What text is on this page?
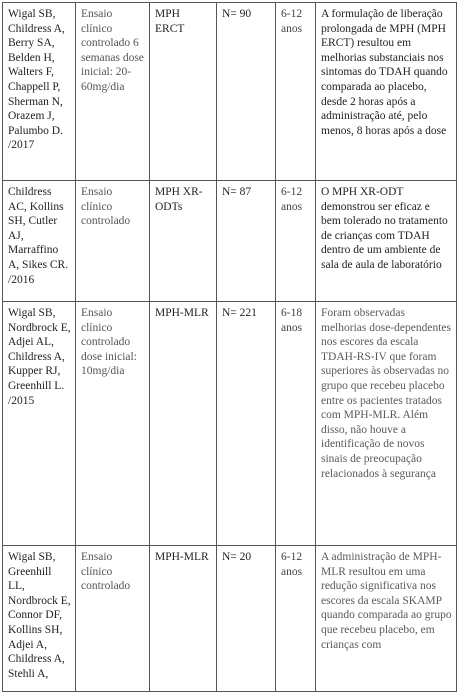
Wigal SB, Childress A, Berry SA, Belden H, Walters F, Chappell P, Sherman N, Orazem J, Palumbo D. /2017	Ensaio clínico controlado 6 semanas dose inicial: 20-60mg/dia	MPH ERCT	N= 90	6-12 anos	A formulação de liberação prolongada de MPH (MPH ERCT) resultou em melhorias substanciais nos sintomas do TDAH quando comparada ao placebo, desde 2 horas após a administração até, pelo menos, 8 horas após a dose
Childress AC, Kollins SH, Cutler AJ, Marraffino A, Sikes CR. /2016	Ensaio clínico controlado	MPH XR-ODTs	N= 87	6-12 anos	O MPH XR-ODT demonstrou ser eficaz e bem tolerado no tratamento de crianças com TDAH dentro de um ambiente de sala de aula de laboratório
Wigal SB, Nordbrock E, Adjei AL, Childress A, Kupper RJ, Greenhill L. /2015	Ensaio clínico controlado dose inicial: 10mg/dia	MPH-MLR	N= 221	6-18 anos	Foram observadas melhorias dose-dependentes nos escores da escala TDAH-RS-IV que foram superiores às observadas no grupo que recebeu placebo entre os pacientes tratados com MPH-MLR. Além disso, não houve a identificação de novos sinais de preocupação relacionados à segurança
Wigal SB, Greenhill LL, Nordbrock E, Connor DF, Kollins SH, Adjei A, Childress A, Stehli A,	Ensaio clínico controlado	MPH-MLR	N= 20	6-12 anos	A administração de MPH-MLR resultou em uma redução significativa nos escores da escala SKAMP quando comparada ao grupo que recebeu placebo, em crianças com
